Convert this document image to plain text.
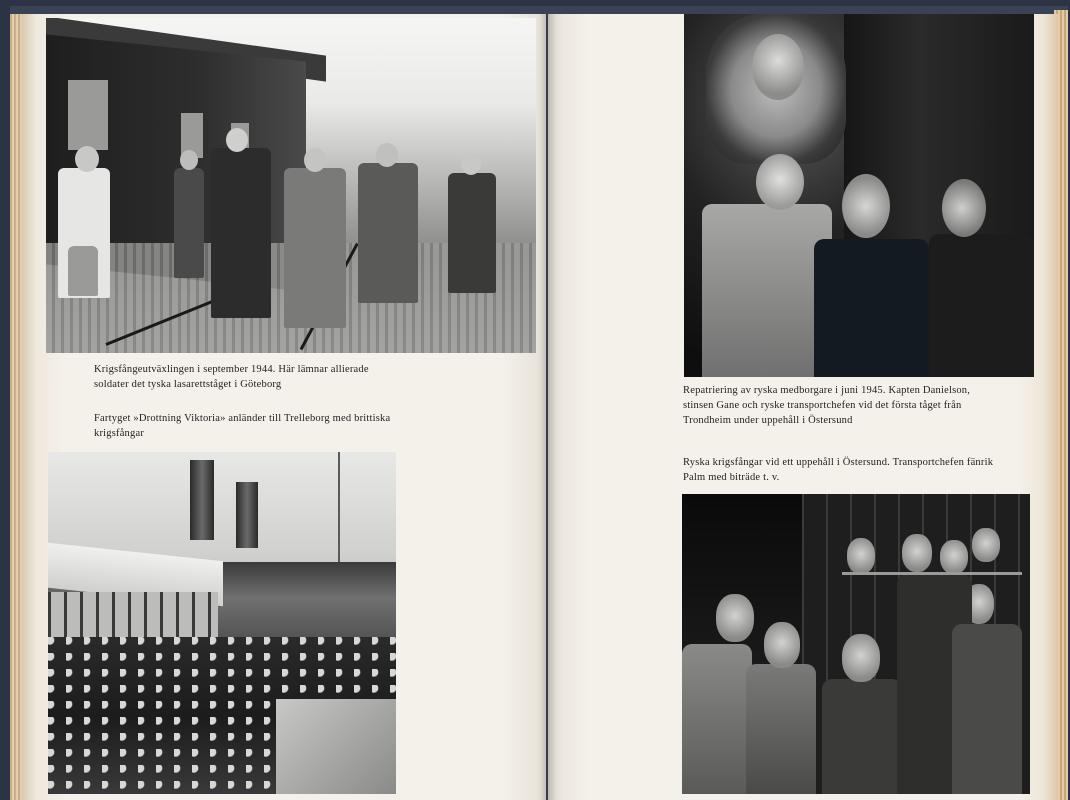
Krigsfångeutväxlingen i september 1944. Här lämnar allierade soldater det tyska lasarettståget i Göteborg

Fartyget »Drottning Viktoria» anländer till Trelleborg med brittiska krigsfångar

Repatriering av ryska medborgare i juni 1945. Kapten Danielson, stinsen Gane och ryske transportchefen vid det första tåget från Trondheim under uppehåll i Östersund

Ryska krigsfångar vid ett uppehåll i Östersund. Transportchefen fänrik Palm med biträde t. v.
